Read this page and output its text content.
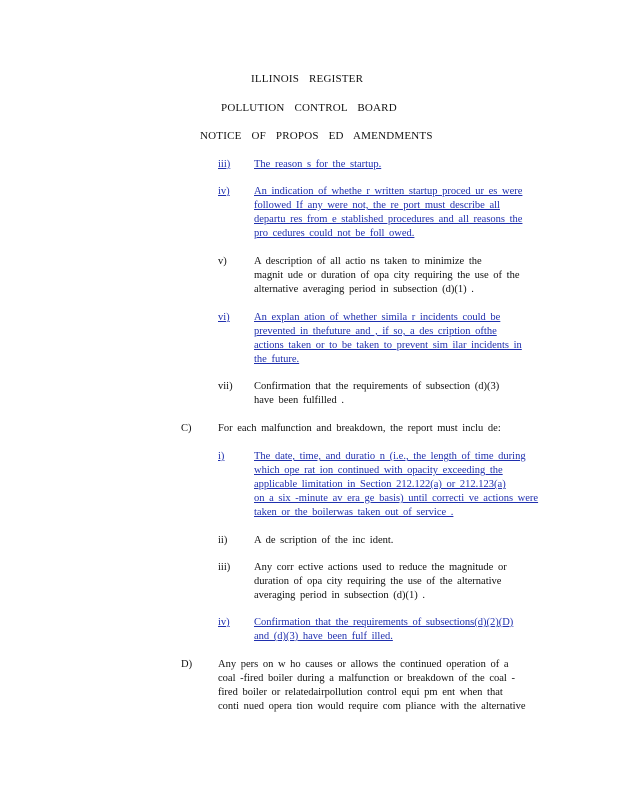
ILLINOIS REGISTER
POLLUTION CONTROL BOARD
NOTICE OF PROPOS ED AMENDMENTS
iii) The reason s for the startup.
iv) An indication of whethe r written startup proced ur es were
followed If any were not, the re port must describe all
departu res from e stablished procedures and all reasons the
pro cedures could not be foll owed.
v)	A description of all actio ns taken to minimize the
magnit ude or duration of opa city requiring the use of the
alternative averaging period in subsection (d)(1) .
vi) An explan ation of whether simila r incidents could be
prevented in thefuture and , if so, a des cription ofthe
actions taken or to be taken to prevent sim ilar incidents in
the future.
vii) Confirmation that the requirements of subsection (d)(3)
have been fulfilled .
C)	For each malfunction and breakdown, the report must inclu de:
i)	The date, time, and duratio n (i.e., the length of time during
which ope rat ion continued with opacity exceeding the
applicable limitation in Section 212.122(a) or 212.123(a)
on a six -minute av era ge basis) until correcti ve actions were
taken or the boilerwas taken out of service .
ii)	A de scription of the inc ident.
iii) Any corr ective actions used to reduce the magnitude or
duration of opa city requiring the use of the alternative
averaging period in subsection (d)(1) .
iv) Confirmation that the requirements of subsections(d)(2)(D)
and (d)(3) have been fulf illed.
D) Any pers on w ho causes or allows the continued operation of a
coal -fired boiler during a malfunction or breakdown of the coal -
fired boiler or relatedairpollution control equi pm ent when that
conti nued opera tion would require com pliance with the alternative
